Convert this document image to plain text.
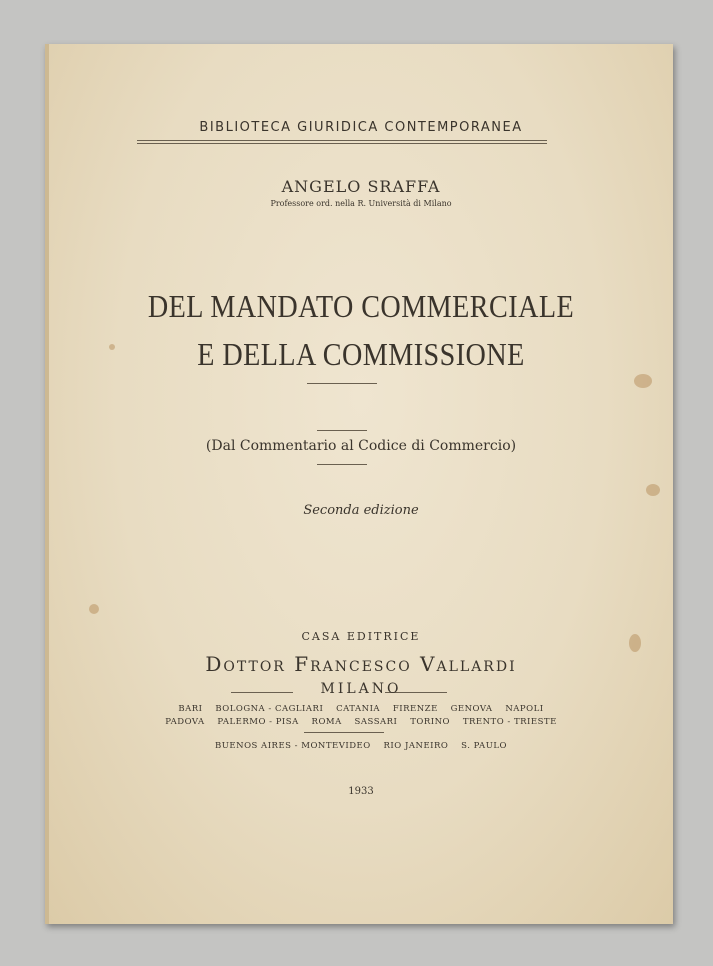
BIBLIOTECA GIURIDICA CONTEMPORANEA
ANGELO SRAFFA
Professore ord. nella R. Università di Milano
DEL MANDATO COMMERCIALE
E DELLA COMMISSIONE
(Dal Commentario al Codice di Commercio)
Seconda edizione
CASA EDITRICE
Dottor Francesco Vallardi
MILANO
BARI    BOLOGNA - CAGLIARI    CATANIA    FIRENZE    GENOVA    NAPOLI
PADOVA    PALERMO - PISA    ROMA    SASSARI    TORINO    TRENTO - TRIESTE
BUENOS AIRES - MONTEVIDEO    RIO JANEIRO    S. PAULO
1933
